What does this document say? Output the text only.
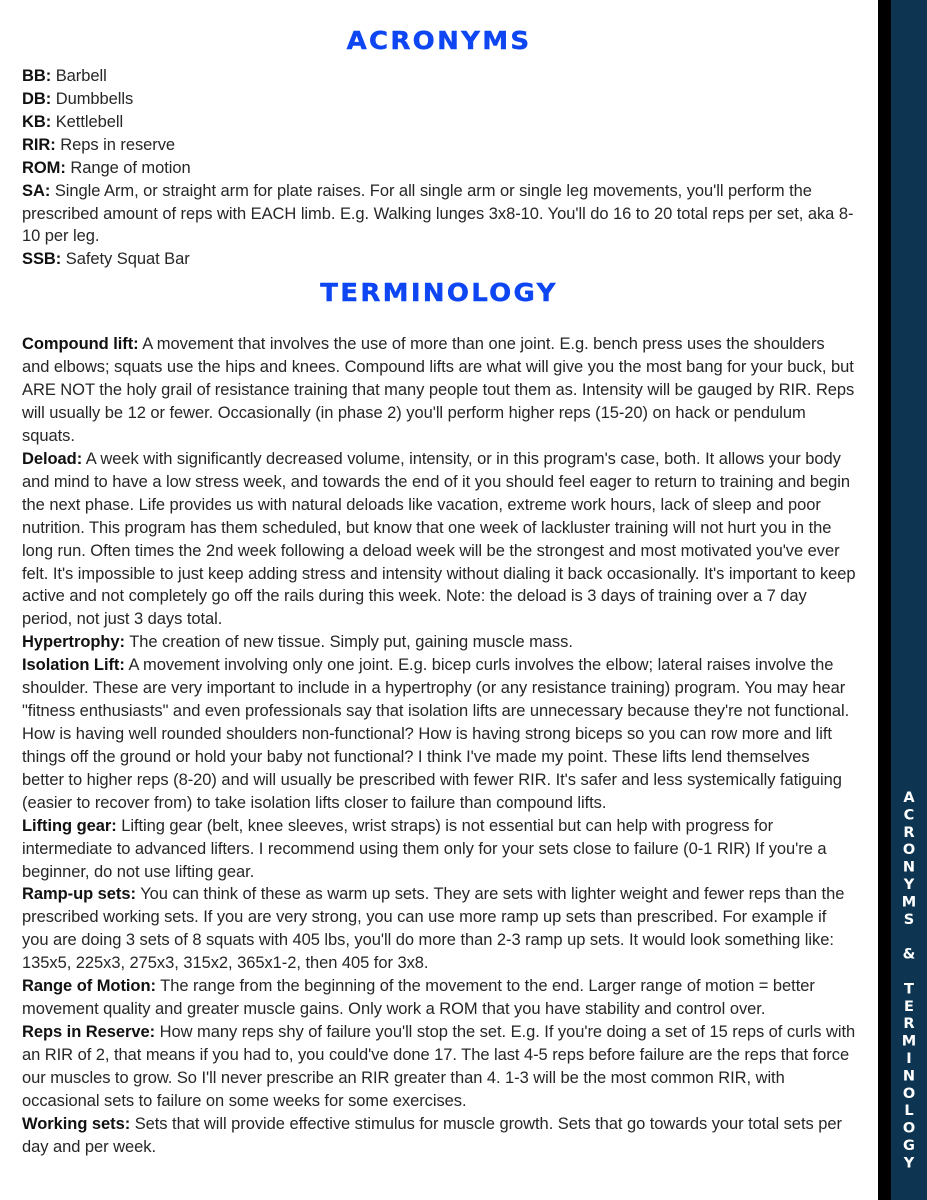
ACRONYMS

BB: Barbell

DB: Dumbbells

KB: Kettlebell

RIR: Reps in reserve

ROM: Range of motion

SA: Single Arm, or straight arm for plate raises. For all single arm or single leg movements, you'll perform the prescribed amount of reps with EACH limb. E.g. Walking lunges 3x8-10. You'll do 16 to 20 total reps per set, aka 8-10 per leg.

SSB: Safety Squat Bar

TERMINOLOGY

Compound lift: A movement that involves the use of more than one joint. E.g. bench press uses the shoulders and elbows; squats use the hips and knees. Compound lifts are what will give you the most bang for your buck, but ARE NOT the holy grail of resistance training that many people tout them as. Intensity will be gauged by RIR. Reps will usually be 12 or fewer. Occasionally (in phase 2) you'll perform higher reps (15-20) on hack or pendulum squats.

Deload: A week with significantly decreased volume, intensity, or in this program's case, both. It allows your body and mind to have a low stress week, and towards the end of it you should feel eager to return to training and begin the next phase. Life provides us with natural deloads like vacation, extreme work hours, lack of sleep and poor nutrition. This program has them scheduled, but know that one week of lackluster training will not hurt you in the long run. Often times the 2nd week following a deload week will be the strongest and most motivated you've ever felt. It's impossible to just keep adding stress and intensity without dialing it back occasionally. It's important to keep active and not completely go off the rails during this week. Note: the deload is 3 days of training over a 7 day period, not just 3 days total.

Hypertrophy: The creation of new tissue. Simply put, gaining muscle mass.

Isolation Lift: A movement involving only one joint. E.g. bicep curls involves the elbow; lateral raises involve the shoulder. These are very important to include in a hypertrophy (or any resistance training) program. You may hear "fitness enthusiasts" and even professionals say that isolation lifts are unnecessary because they're not functional. How is having well rounded shoulders non-functional? How is having strong biceps so you can row more and lift things off the ground or hold your baby not functional? I think I've made my point. These lifts lend themselves better to higher reps (8-20) and will usually be prescribed with fewer RIR. It's safer and less systemically fatiguing (easier to recover from) to take isolation lifts closer to failure than compound lifts.

Lifting gear: Lifting gear (belt, knee sleeves, wrist straps) is not essential but can help with progress for intermediate to advanced lifters. I recommend using them only for your sets close to failure (0-1 RIR) If you're a beginner, do not use lifting gear.

Ramp-up sets: You can think of these as warm up sets. They are sets with lighter weight and fewer reps than the prescribed working sets. If you are very strong, you can use more ramp up sets than prescribed. For example if you are doing 3 sets of 8 squats with 405 lbs, you'll do more than 2-3 ramp up sets. It would look something like: 135x5, 225x3, 275x3, 315x2, 365x1-2, then 405 for 3x8.

Range of Motion: The range from the beginning of the movement to the end. Larger range of motion = better movement quality and greater muscle gains. Only work a ROM that you have stability and control over.

Reps in Reserve: How many reps shy of failure you'll stop the set. E.g. If you're doing a set of 15 reps of curls with an RIR of 2, that means if you had to, you could've done 17. The last 4-5 reps before failure are the reps that force our muscles to grow. So I'll never prescribe an RIR greater than 4. 1-3 will be the most common RIR, with occasional sets to failure on some weeks for some exercises.

Working sets: Sets that will provide effective stimulus for muscle growth. Sets that go towards your total sets per day and per week.	ACRONYMS & TERMINOLOGY
